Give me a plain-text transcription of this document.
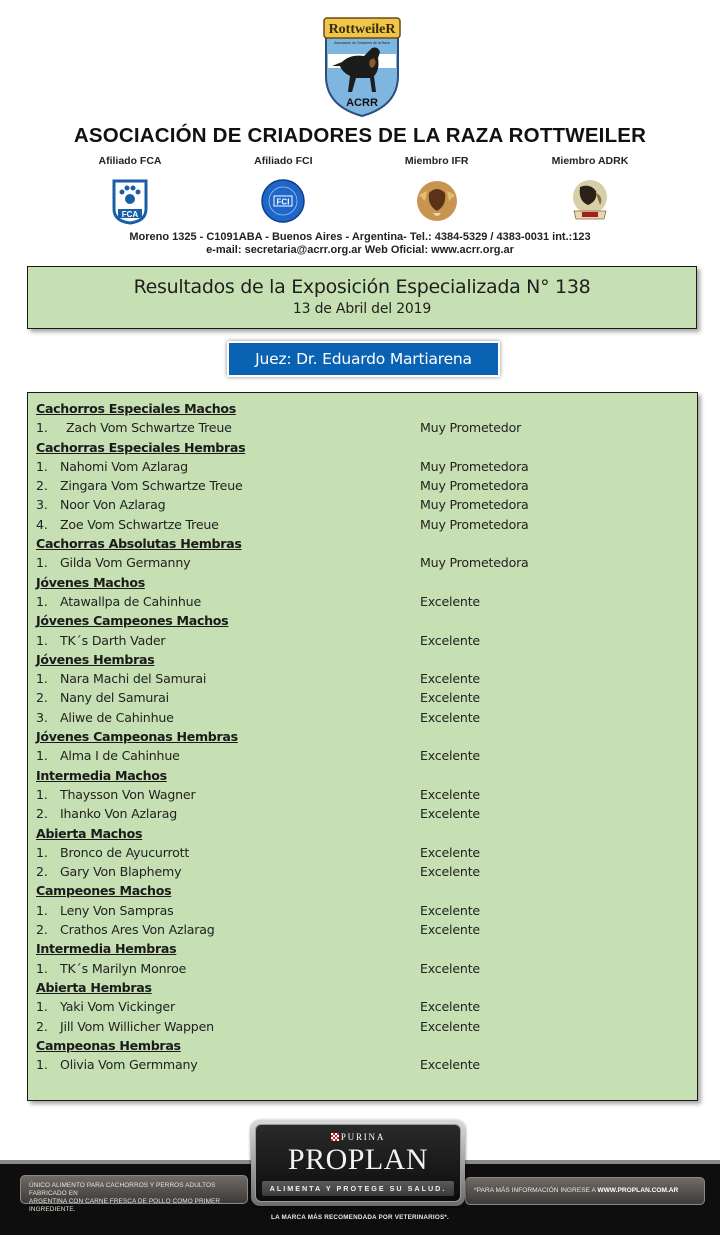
RottweileR
Asociación de Criadores de la Raza
ACRR
ASOCIACIÓN DE CRIADORES DE LA RAZA ROTTWEILER
Afiliado FCA
FCA
Afiliado FCI
FCI
Miembro IFR	Miembro ADRK
Moreno 1325 - C1091ABA - Buenos Aires - Argentina- Tel.: 4384-5329 / 4383-0031 int.:123
e-mail: secretaria@acrr.org.ar Web Oficial: www.acrr.org.ar
Resultados de la Exposición Especializada N° 138
13 de Abril del 2019
Juez: Dr. Eduardo Martiarena
Cachorros Especiales Machos
1.	Zach Vom Schwartze Treue	Muy Prometedor
Cachorras Especiales Hembras
1. Nahomi Vom Azlarag	Muy Prometedora
2. Zingara Vom Schwartze Treue	Muy Prometedora
3. Noor Von Azlarag	Muy Prometedora
4. Zoe Vom Schwartze Treue	Muy Prometedora
Cachorras Absolutas Hembras
1. Gilda Vom Germanny	Muy Prometedora
Jóvenes Machos
1. Atawallpa de Cahinhue	Excelente
Jóvenes Campeones Machos
1. TK´s Darth Vader	Excelente
Jóvenes Hembras
1. Nara Machi del Samurai	Excelente
2. Nany del Samurai	Excelente
3. Aliwe de Cahinhue	Excelente
Jóvenes Campeonas Hembras
1. Alma I de Cahinhue	Excelente
Intermedia Machos
1. Thaysson Von Wagner	Excelente
2. Ihanko Von Azlarag	Excelente
Abierta Machos
1. Bronco de Ayucurrott	Excelente
2. Gary Von Blaphemy	Excelente
Campeones Machos
1. Leny Von Sampras	Excelente
2. Crathos Ares Von Azlarag	Excelente
Intermedia Hembras
1. TK´s Marilyn Monroe	Excelente
Abierta Hembras
1. Yaki Vom Vickinger	Excelente
2. Jill Vom Willicher Wappen	Excelente
Campeonas Hembras
1. Olivia Vom Germmany	Excelente
ÚNICO ALIMENTO PARA CACHORROS Y PERROS ADULTOS FABRICADO EN
ARGENTINA CON CARNE FRESCA DE POLLO COMO PRIMER INGREDIENTE.
*PARA MÁS INFORMACIÓN INGRESE A WWW.PROPLAN.COM.AR
PURINA
PROPLAN
ALIMENTA Y PROTEGE SU SALUD.
LA MARCA MÁS RECOMENDADA POR VETERINARIOS*.
